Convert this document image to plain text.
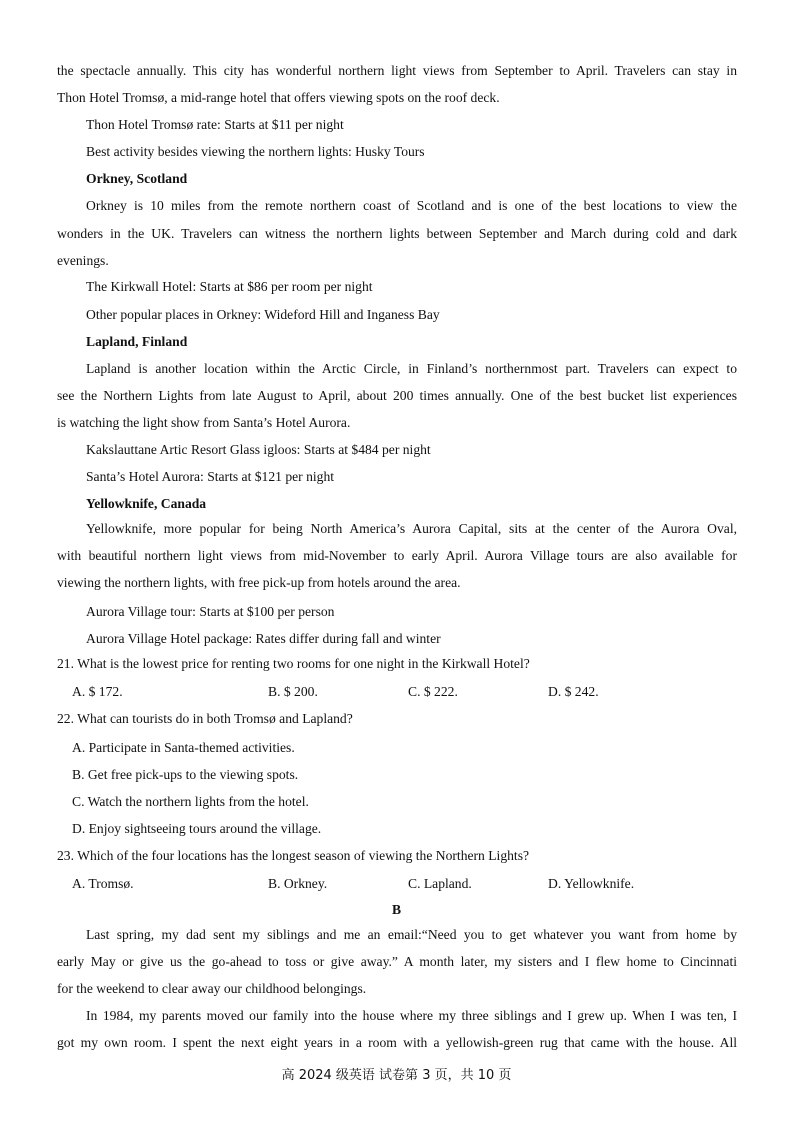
the spectacle annually. This city has wonderful northern light views from September to April. Travelers can stay in
Thon Hotel Tromsø, a mid-range hotel that offers viewing spots on the roof deck.
Thon Hotel Tromsø rate: Starts at $11 per night
Best activity besides viewing the northern lights: Husky Tours
Orkney, Scotland
Orkney is 10 miles from the remote northern coast of Scotland and is one of the best locations to view the
wonders in the UK. Travelers can witness the northern lights between September and March during cold and dark
evenings.
The Kirkwall Hotel: Starts at $86 per room per night
Other popular places in Orkney: Wideford Hill and Inganess Bay
Lapland, Finland
Lapland is another location within the Arctic Circle, in Finland’s northernmost part. Travelers can expect to
see the Northern Lights from late August to April, about 200 times annually. One of the best bucket list experiences
is watching the light show from Santa’s Hotel Aurora.
Kakslauttane Artic Resort Glass igloos: Starts at $484 per night
Santa’s Hotel Aurora: Starts at $121 per night
Yellowknife, Canada
Yellowknife, more popular for being North America’s Aurora Capital, sits at the center of the Aurora Oval,
with beautiful northern light views from mid-November to early April. Aurora Village tours are also available for
viewing the northern lights, with free pick-up from hotels around the area.
Aurora Village tour: Starts at $100 per person
Aurora Village Hotel package: Rates differ during fall and winter
21. What is the lowest price for renting two rooms for one night in the Kirkwall Hotel?
A. $ 172.	B. $ 200.	C. $ 222.	D. $ 242.
22. What can tourists do in both Tromsø and Lapland?
A. Participate in Santa-themed activities.
B. Get free pick-ups to the viewing spots.
C. Watch the northern lights from the hotel.
D. Enjoy sightseeing tours around the village.
23. Which of the four locations has the longest season of viewing the Northern Lights?
A. Tromsø.	B. Orkney.	C. Lapland.	D. Yellowknife.
B
Last spring, my dad sent my siblings and me an email:“Need you to get whatever you want from home by
early May or give us the go-ahead to toss or give away.” A month later, my sisters and I flew home to Cincinnati
for the weekend to clear away our childhood belongings.
In 1984, my parents moved our family into the house where my three siblings and I grew up. When I was ten, I
got my own room. I spent the next eight years in a room with a yellowish-green rug that came with the house. All
高 2024 级英语 试卷第 3 页，共 10 页
